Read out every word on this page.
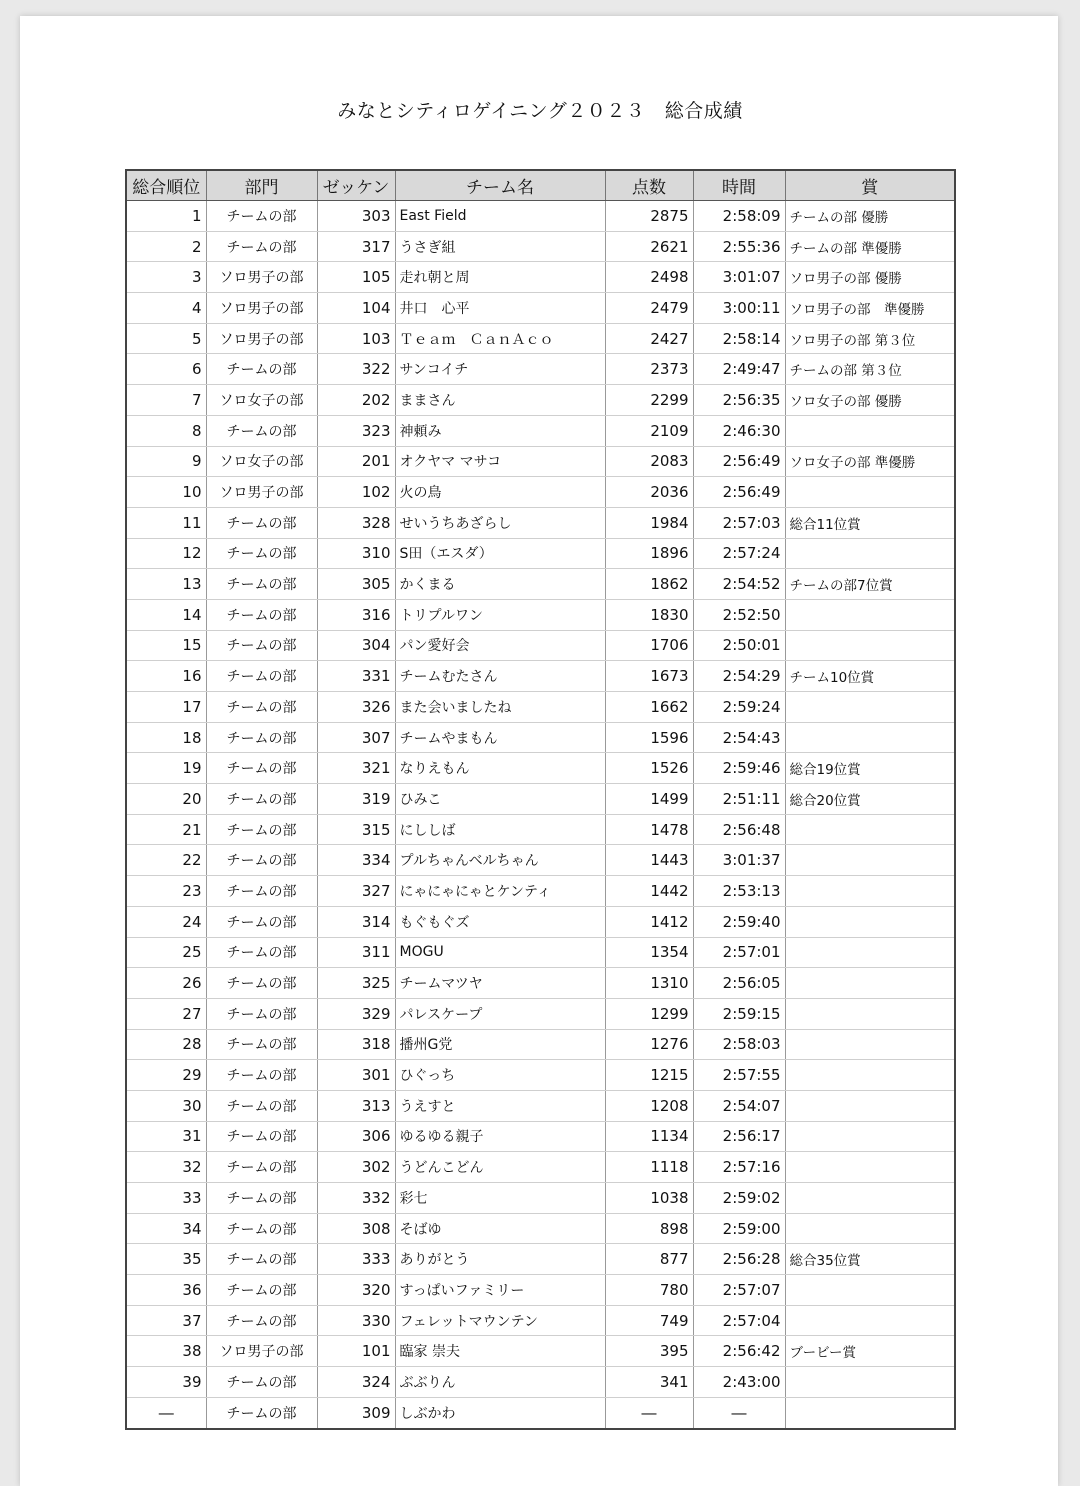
みなとシティロゲイニング２０２３　総合成績
総合順位	部門	ゼッケン	チーム名	点数	時間	賞
1	チームの部	303	East Field	2875	2:58:09	チームの部 優勝
2	チームの部	317	うさぎ組	2621	2:55:36	チームの部 準優勝
3	ソロ男子の部	105	走れ朝と周	2498	3:01:07	ソロ男子の部 優勝
4	ソロ男子の部	104	井口　心平	2479	3:00:11	ソロ男子の部　準優勝
5	ソロ男子の部	103	Ｔｅａｍ　ＣａｎＡｃｏ	2427	2:58:14	ソロ男子の部 第３位
6	チームの部	322	サンコイチ	2373	2:49:47	チームの部 第３位
7	ソロ女子の部	202	ままさん	2299	2:56:35	ソロ女子の部 優勝
8	チームの部	323	神頼み	2109	2:46:30	
9	ソロ女子の部	201	オクヤマ マサコ	2083	2:56:49	ソロ女子の部 準優勝
10	ソロ男子の部	102	火の鳥	2036	2:56:49	
11	チームの部	328	せいうちあざらし	1984	2:57:03	総合11位賞
12	チームの部	310	S田（エスダ）	1896	2:57:24	
13	チームの部	305	かくまる	1862	2:54:52	チームの部7位賞
14	チームの部	316	トリプルワン	1830	2:52:50	
15	チームの部	304	パン愛好会	1706	2:50:01	
16	チームの部	331	チームむたさん	1673	2:54:29	チーム10位賞
17	チームの部	326	また会いましたね	1662	2:59:24	
18	チームの部	307	チームやまもん	1596	2:54:43	
19	チームの部	321	なりえもん	1526	2:59:46	総合19位賞
20	チームの部	319	ひみこ	1499	2:51:11	総合20位賞
21	チームの部	315	にししば	1478	2:56:48	
22	チームの部	334	プルちゃんベルちゃん	1443	3:01:37	
23	チームの部	327	にゃにゃにゃとケンティ	1442	2:53:13	
24	チームの部	314	もぐもぐズ	1412	2:59:40	
25	チームの部	311	MOGU	1354	2:57:01	
26	チームの部	325	チームマツヤ	1310	2:56:05	
27	チームの部	329	パレスケープ	1299	2:59:15	
28	チームの部	318	播州G党	1276	2:58:03	
29	チームの部	301	ひぐっち	1215	2:57:55	
30	チームの部	313	うえすと	1208	2:54:07	
31	チームの部	306	ゆるゆる親子	1134	2:56:17	
32	チームの部	302	うどんこどん	1118	2:57:16	
33	チームの部	332	彩七	1038	2:59:02	
34	チームの部	308	そばゆ	898	2:59:00	
35	チームの部	333	ありがとう	877	2:56:28	総合35位賞
36	チームの部	320	すっぱいファミリー	780	2:57:07	
37	チームの部	330	フェレットマウンテン	749	2:57:04	
38	ソロ男子の部	101	臨家 崇夫	395	2:56:42	ブービー賞
39	チームの部	324	ぶぶりん	341	2:43:00	
―	チームの部	309	しぶかわ	―	―	
